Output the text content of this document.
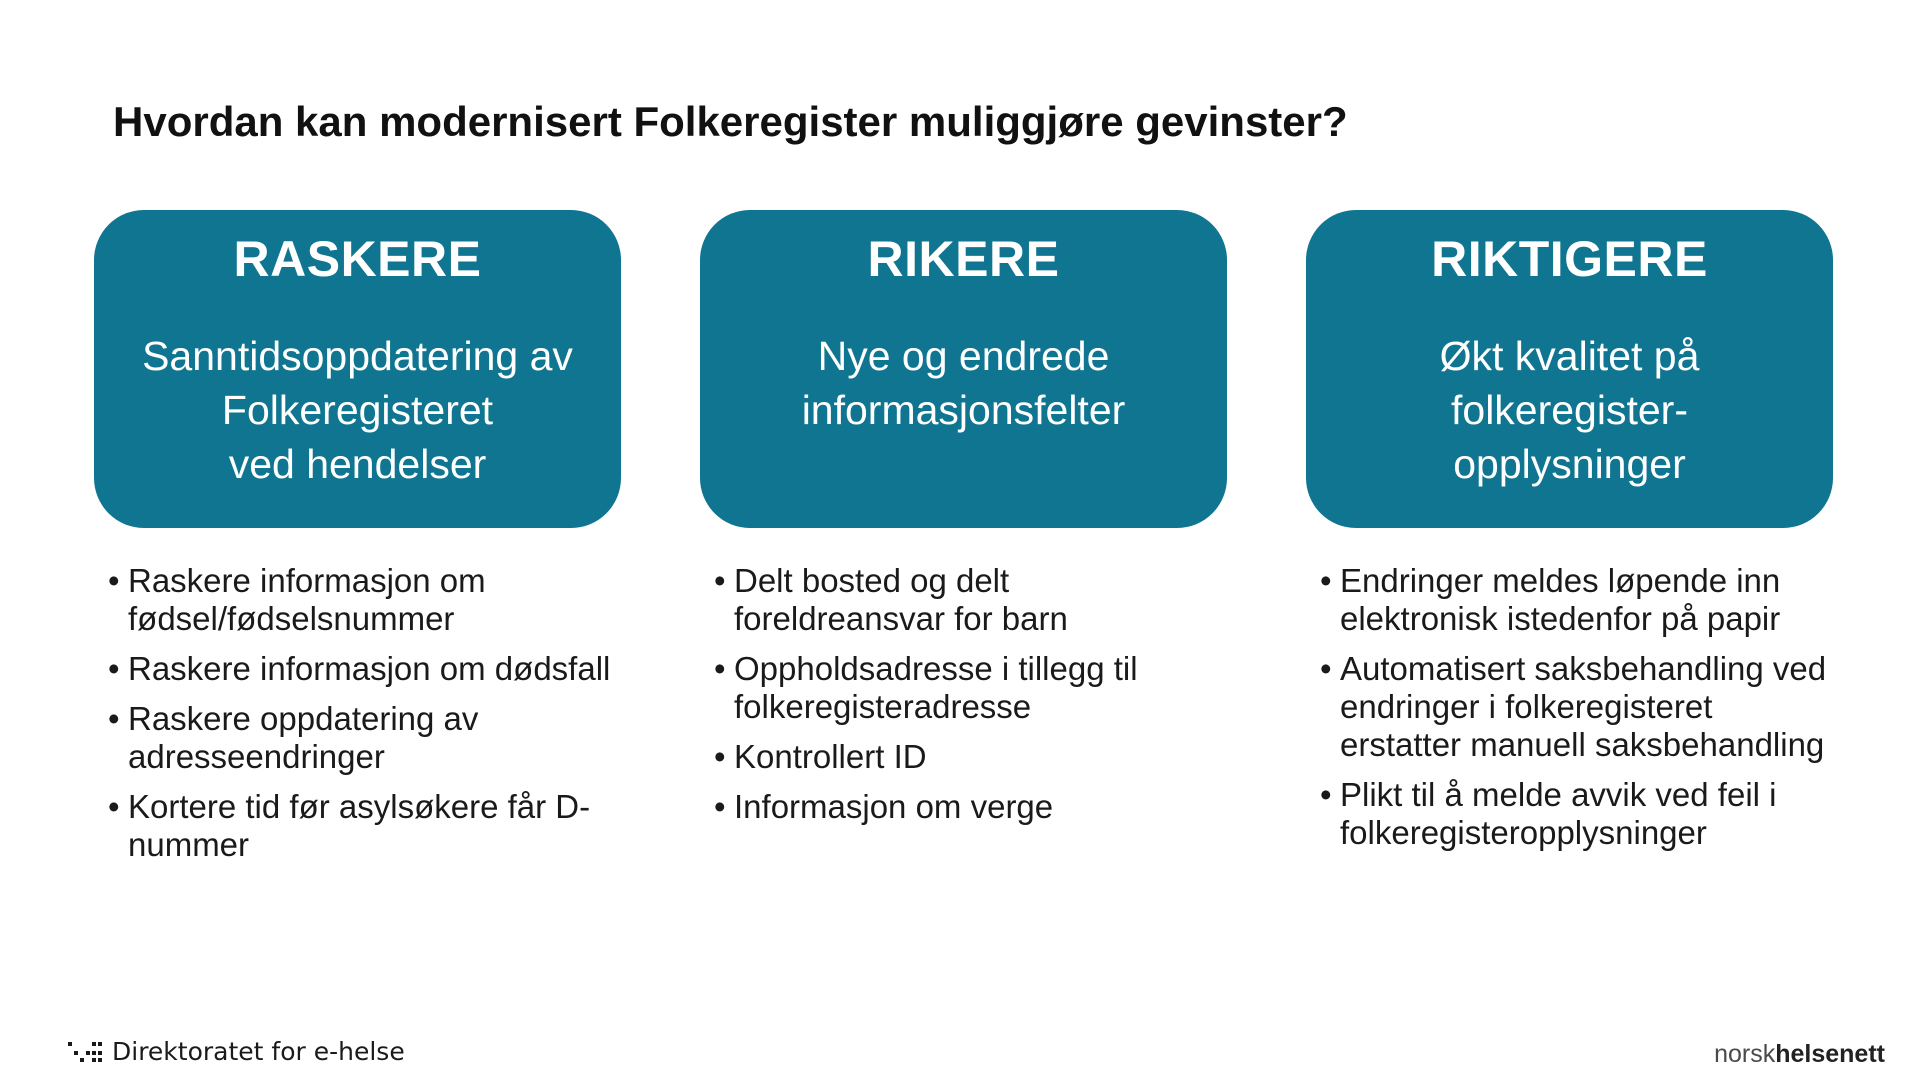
Hvordan kan modernisert Folkeregister muliggjøre gevinster?
RASKERE
Sanntidsoppdatering av
Folkeregisteret
ved hendelser
• Raskere informasjon om fødsel/fødselsnummer
• Raskere informasjon om dødsfall
• Raskere oppdatering av adresseendringer
• Kortere tid før asylsøkere får D-nummer
RIKERE
Nye og endrede
informasjonsfelter
• Delt bosted og delt foreldreansvar for barn
• Oppholdsadresse i tillegg til folkeregisteradresse
• Kontrollert ID
• Informasjon om verge
RIKTIGERE
Økt kvalitet på
folkeregister-
opplysninger
• Endringer meldes løpende inn elektronisk istedenfor på papir
• Automatisert saksbehandling ved endringer i folkeregisteret erstatter manuell saksbehandling
• Plikt til å melde avvik ved feil i folkeregisteropplysninger
Direktoratet for e-helse	norskhelsenett
